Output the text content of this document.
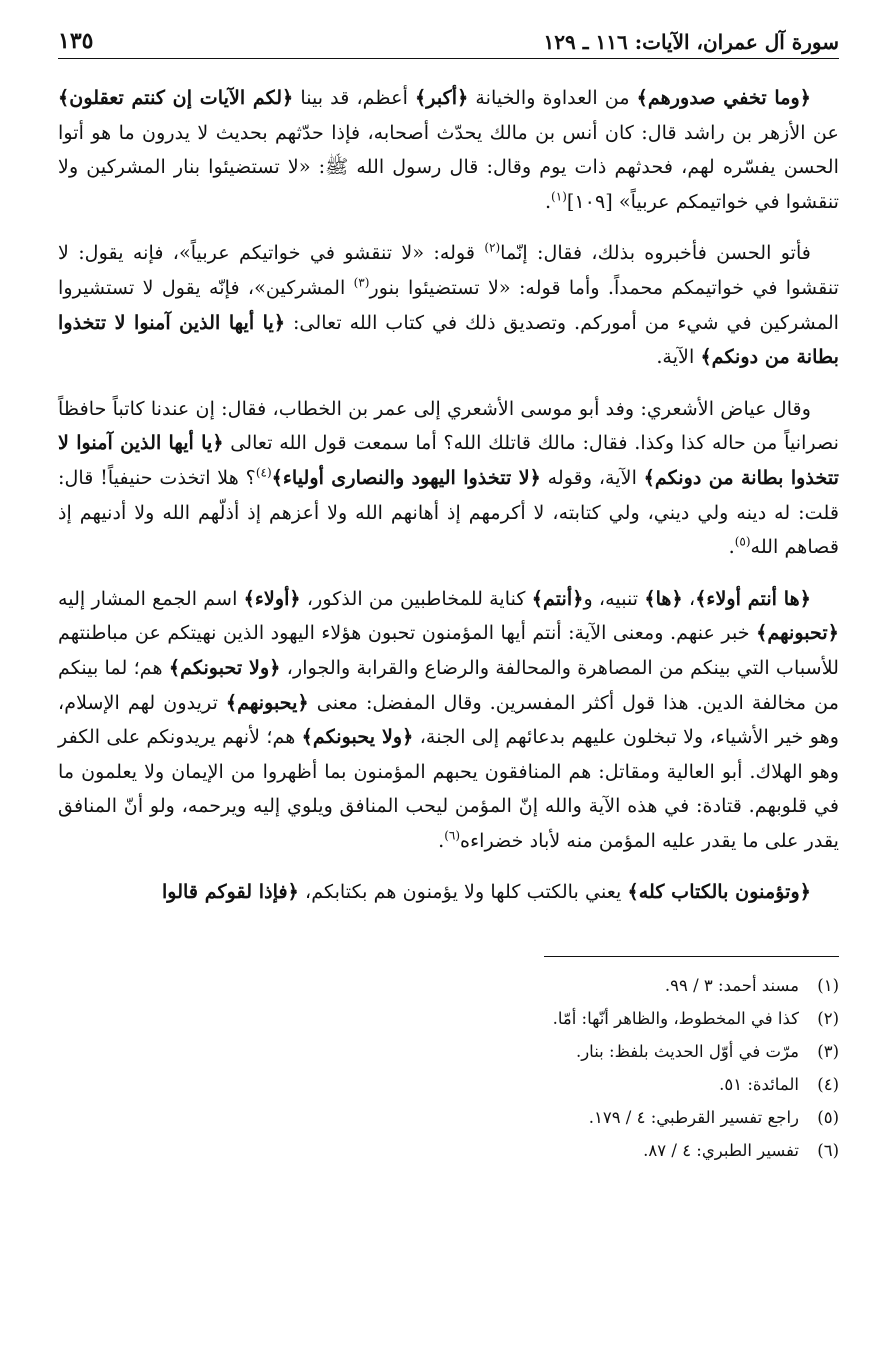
سورة آل عمران، الآيات: ١١٦ ـ ١٢٩
١٣٥

﴿وما تخفي صدورهم﴾ من العداوة والخيانة ﴿أكبر﴾ أعظم، قد بينا ﴿لكم الآيات إن كنتم تعقلون﴾ عن الأزهر بن راشد قال: كان أنس بن مالك يحدّث أصحابه، فإذا حدّثهم بحديث لا يدرون ما هو أتوا الحسن يفسّره لهم، فحدثهم ذات يوم وقال: قال رسول الله ﷺ: «لا تستضيئوا بنار المشركين ولا تنقشوا في خواتيمكم عربياً» [١٠٩]$^{(١)}$.

فأتو الحسن فأخبروه بذلك، فقال: إنّما$^{(٢)}$ قوله: «لا تنقشو في خواتيكم عربياً»، فإنه يقول: لا تنقشوا في خواتيمكم محمداً. وأما قوله: «لا تستضيئوا بنور$^{(٣)}$ المشركين»، فإنّه يقول لا تستشيروا المشركين في شيء من أموركم. وتصديق ذلك في كتاب الله تعالى: ﴿يا أيها الذين آمنوا لا تتخذوا بطانة من دونكم﴾ الآية.

وقال عياض الأشعري: وفد أبو موسى الأشعري إلى عمر بن الخطاب، فقال: إن عندنا كاتباً حافظاً نصرانياً من حاله كذا وكذا. فقال: مالك قاتلك الله؟ أما سمعت قول الله تعالى ﴿يا أيها الذين آمنوا لا تتخذوا بطانة من دونكم﴾ الآية، وقوله ﴿لا تتخذوا اليهود والنصارى أولياء﴾$^{(٤)}$؟ هلا اتخذت حنيفياً! قال: قلت: له دينه ولي ديني، ولي كتابته، لا أكرمهم إذ أهانهم الله ولا أعزهم إذ أذلّهم الله ولا أدنيهم إذ قصاهم الله$^{(٥)}$.

﴿ها أنتم أولاء﴾، ﴿ها﴾ تنبيه، و﴿أنتم﴾ كناية للمخاطبين من الذكور، ﴿أولاء﴾ اسم الجمع المشار إليه ﴿تحبونهم﴾ خبر عنهم. ومعنى الآية: أنتم أيها المؤمنون تحبون هؤلاء اليهود الذين نهيتكم عن مباطنتهم للأسباب التي بينكم من المصاهرة والمحالفة والرضاع والقرابة والجوار، ﴿ولا تحبونكم﴾ هم؛ لما بينكم من مخالفة الدين. هذا قول أكثر المفسرين. وقال المفضل: معنى ﴿يحبونهم﴾ تريدون لهم الإسلام، وهو خير الأشياء، ولا تبخلون عليهم بدعائهم إلى الجنة، ﴿ولا يحبونكم﴾ هم؛ لأنهم يريدونكم على الكفر وهو الهلاك. أبو العالية ومقاتل: هم المنافقون يحبهم المؤمنون بما أظهروا من الإيمان ولا يعلمون ما في قلوبهم. قتادة: في هذه الآية والله إنّ المؤمن ليحب المنافق ويلوي إليه ويرحمه، ولو أنّ المنافق يقدر على ما يقدر عليه المؤمن منه لأباد خضراءه$^{(٦)}$.

﴿وتؤمنون بالكتاب كله﴾ يعني بالكتب كلها ولا يؤمنون هم بكتابكم، ﴿فإذا لقوكم قالوا

(١)
مسند أحمد: ٣ / ٩٩.
(٢)
كذا في المخطوط، والظاهر أنّها: أمّا.
(٣)
مرّت في أوّل الحديث بلفظ: بنار.
(٤)
المائدة: ٥١.
(٥)
راجع تفسير القرطبي: ٤ / ١٧٩.
(٦)
تفسير الطبري: ٤ / ٨٧.
